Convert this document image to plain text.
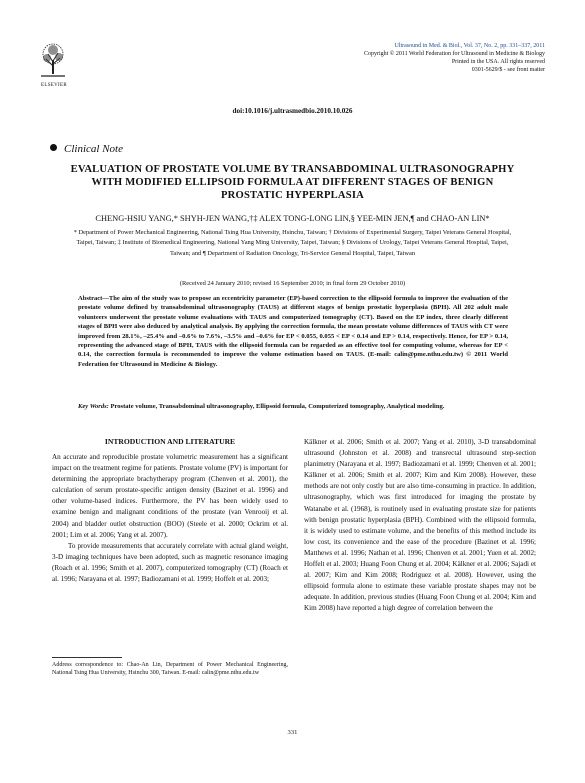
ELSEVIER
Ultrasound in Med. & Biol., Vol. 37, No. 2, pp. 331–337, 2011
Copyright © 2011 World Federation for Ultrasound in Medicine & Biology
Printed in the USA. All rights reserved
0301-5629/$ - see front matter
doi:10.1016/j.ultrasmedbio.2010.10.026
Clinical Note
EVALUATION OF PROSTATE VOLUME BY TRANSABDOMINAL ULTRASONOGRAPHY WITH MODIFIED ELLIPSOID FORMULA AT DIFFERENT STAGES OF BENIGN PROSTATIC HYPERPLASIA
CHENG-HSIU YANG,* SHYH-JEN WANG,†‡ ALEX TONG-LONG LIN,§ YEE-MIN JEN,¶ and CHAO-AN LIN*
* Department of Power Mechanical Engineering, National Tsing Hua University, Hsinchu, Taiwan; † Divisions of Experimental Surgery, Taipei Veterans General Hospital, Taipei, Taiwan; ‡ Institute of Biomedical Engineering, National Yang Ming University, Taipei, Taiwan; § Divisions of Urology, Taipei Veterans General Hospital, Taipei, Taiwan; and ¶ Department of Radiation Oncology, Tri-Service General Hospital, Taipei, Taiwan
(Received 24 January 2010; revised 16 September 2010; in final form 29 October 2010)
Abstract—The aim of the study was to propose an eccentricity parameter (EP)-based correction to the ellipsoid formula to improve the evaluation of the prostate volume defined by transabdominal ultrasonography (TAUS) at different stages of benign prostatic hyperplasia (BPH). All 202 adult male volunteers underwent the prostate volume evaluations with TAUS and computerized tomography (CT). Based on the EP index, three clearly different stages of BPH were also deduced by analytical analysis. By applying the correction formula, the mean prostate volume differences of TAUS with CT were improved from 28.1%, –25.4% and –0.6% to 7.6%, –3.5% and –0.6% for EP < 0.055, 0.055 < EP < 0.14 and EP > 0.14, respectively. Hence, for EP > 0.14, representing the advanced stage of BPH, TAUS with the ellipsoid formula can be regarded as an effective tool for computing volume, whereas for EP < 0.14, the correction formula is recommended to improve the volume estimation based on TAUS. (E-mail: calin@pme.nthu.edu.tw) © 2011 World Federation for Ultrasound in Medicine & Biology.
Key Words: Prostate volume, Transabdominal ultrasonography, Ellipsoid formula, Computerized tomography, Analytical modeling.
INTRODUCTION AND LITERATURE

An accurate and reproducible prostate volumetric measurement has a significant impact on the treatment regime for patients. Prostate volume (PV) is important for determining the appropriate brachytherapy program (Chenven et al. 2001), the calculation of serum prostate-specific antigen density (Bazinet et al. 1996) and other volume-based indices. Furthermore, the PV has been widely used to examine benign and malignant conditions of the prostate (van Venrooij et al. 2004) and bladder outlet obstruction (BOO) (Steele et al. 2000; Ockrim et al. 2001; Lim et al. 2006; Yang et al. 2007).

To provide measurements that accurately correlate with actual gland weight, 3-D imaging techniques have been adopted, such as magnetic resonance imaging (Roach et al. 1996; Smith et al. 2007), computerized tomography (CT) (Roach et al. 1996; Narayana et al. 1997; Badiozamani et al. 1999; Hoffelt et al. 2003;

Kälkner et al. 2006; Smith et al. 2007; Yang et al. 2010), 3-D transabdominal ultrasound (Johnston et al. 2008) and transrectal ultrasound step-section planimetry (Narayana et al. 1997; Badiozamani et al. 1999; Chenven et al. 2001; Kälkner et al. 2006; Smith et al. 2007; Kim and Kim 2008). However, these methods are not only costly but are also time-consuming in practice. In addition, ultrasonography, which was first introduced for imaging the prostate by Watanabe et al. (1968), is routinely used in evaluating prostate size for patients with benign prostatic hyperplasia (BPH). Combined with the ellipsoid formula, it is widely used to estimate volume, and the benefits of this method include its low cost, its convenience and the ease of the procedure (Bazinet et al. 1996; Matthews et al. 1996; Nathan et al. 1996; Chenven et al. 2001; Yuen et al. 2002; Hoffelt et al. 2003; Huang Foon Chung et al. 2004; Kälkner et al. 2006; Sajadi et al. 2007; Kim and Kim 2008; Rodriguez et al. 2008). However, using the ellipsoid formula alone to estimate these variable prostate shapes may not be adequate. In addition, previous studies (Huang Foon Chung et al. 2004; Kim and Kim 2008) have reported a high degree of correlation between the

Address correspondence to: Chao-An Lin, Department of Power Mechanical Engineering, National Tsing Hua University, Hsinchu 300, Taiwan. E-mail: calin@pme.nthu.edu.tw
331
